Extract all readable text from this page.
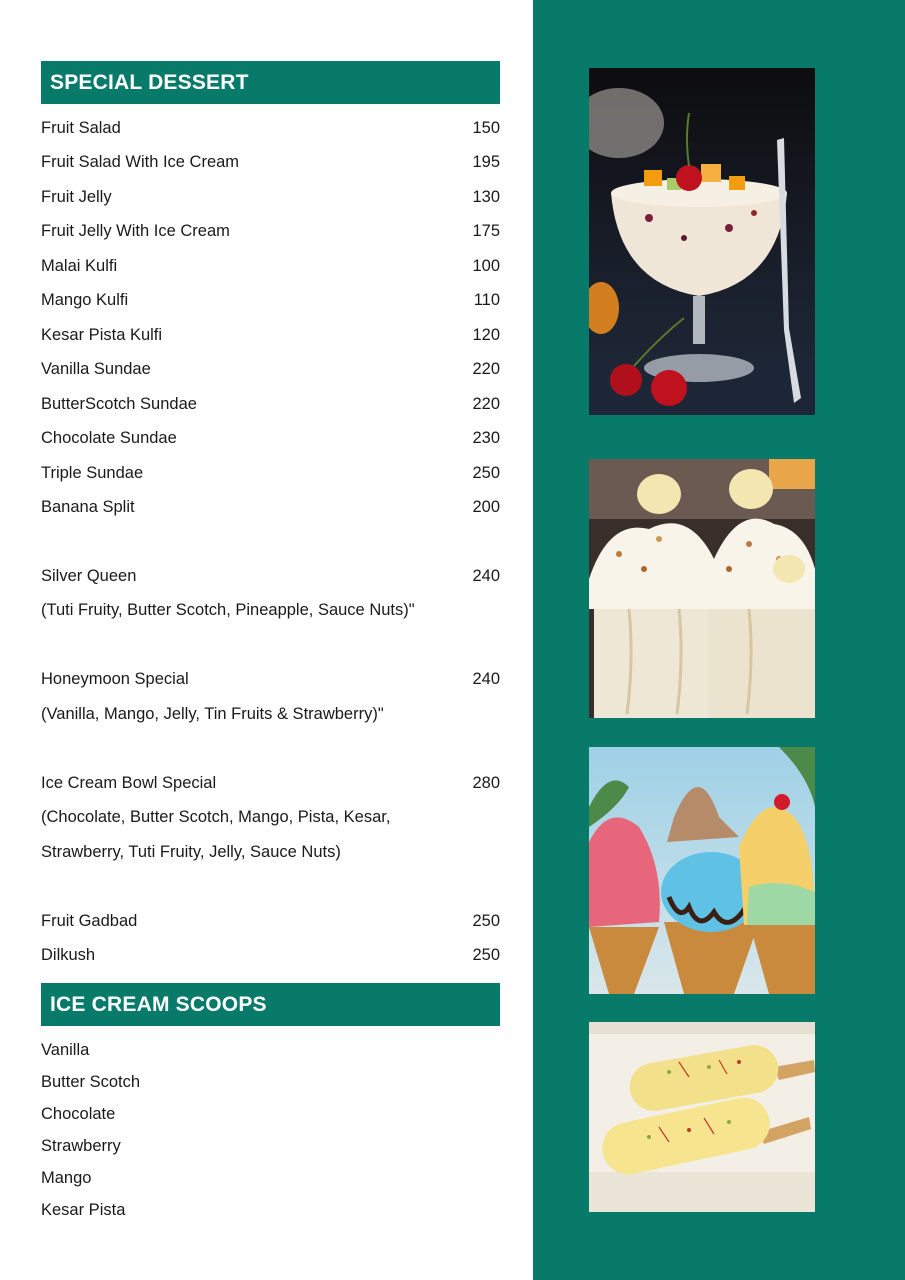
SPECIAL DESSERT
Fruit Salad	150
Fruit Salad With Ice Cream	195
Fruit Jelly	130
Fruit Jelly With Ice Cream	175
Malai Kulfi	100
Mango Kulfi	110
Kesar Pista Kulfi	120
Vanilla Sundae	220
ButterScotch Sundae	220
Chocolate Sundae	230
Triple Sundae	250
Banana Split	200
Silver Queen	240
(Tuti Fruity, Butter Scotch, Pineapple, Sauce Nuts)"
Honeymoon Special	240
(Vanilla, Mango, Jelly, Tin Fruits & Strawberry)"
Ice Cream Bowl Special	280
(Chocolate, Butter Scotch, Mango, Pista, Kesar,
Strawberry, Tuti Fruity, Jelly, Sauce Nuts)
Fruit Gadbad	250
Dilkush	250
ICE CREAM SCOOPS
Vanilla
Butter Scotch
Chocolate
Strawberry
Mango
Kesar Pista
